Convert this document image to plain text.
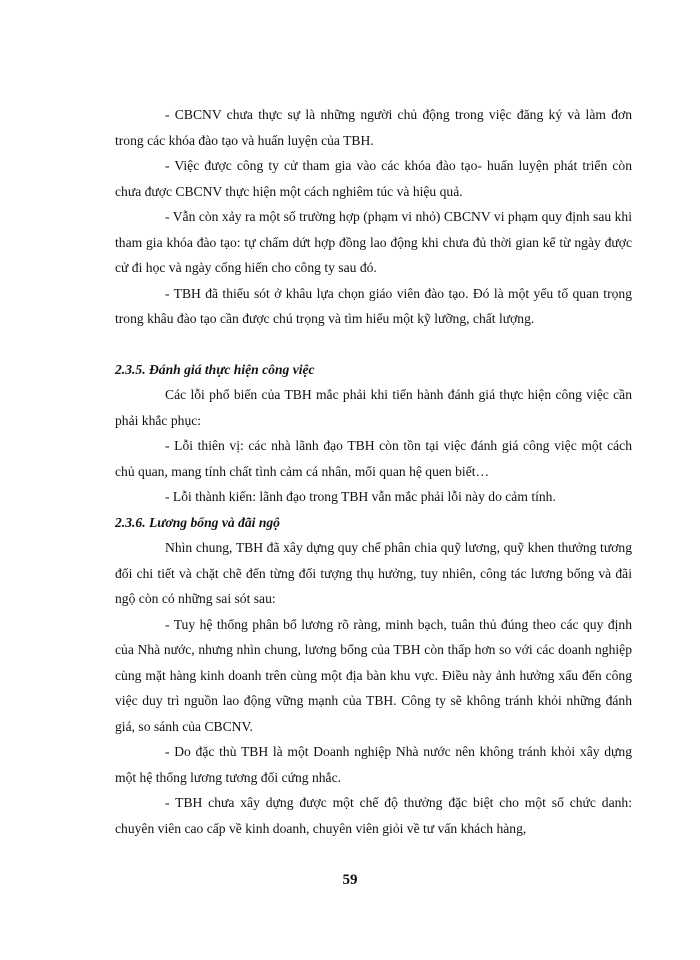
- CBCNV chưa thực sự là những người chủ động trong việc đăng ký và làm đơn trong các khóa đào tạo và huấn luyện của TBH.

- Việc được công ty cử tham gia vào các khóa đào tạo- huấn luyện phát triển còn chưa được CBCNV thực hiện một cách nghiêm túc và hiệu quả.

- Vẫn còn xảy ra một số trường hợp (phạm vi nhỏ) CBCNV vi phạm quy định sau khi tham gia khóa đào tạo: tự chấm dứt hợp đồng lao động khi chưa đủ thời gian kể từ ngày được cử đi học và ngày cống hiến cho công ty sau đó.

- TBH đã thiếu sót ở khâu lựa chọn giáo viên đào tạo. Đó là một yếu tố quan trọng trong khâu đào tạo cần được chú trọng và tìm hiểu một kỹ lưỡng, chất lượng.

2.3.5. Đánh giá thực hiện công việc

Các lỗi phổ biến của TBH mắc phải khi tiến hành đánh giá thực hiện công việc cần phải khắc phục:

- Lỗi thiên vị: các nhà lãnh đạo TBH còn tồn tại việc đánh giá công việc một cách chủ quan, mang tính chất tình cảm cá nhân, mối quan hệ quen biết…

- Lỗi thành kiến: lãnh đạo trong TBH vẫn mắc phải lỗi này do cảm tính.

2.3.6. Lương bổng và đãi ngộ

Nhìn chung, TBH đã xây dựng quy chế phân chia quỹ lương, quỹ khen thưởng tương đối chi tiết và chặt chẽ đến từng đối tượng thụ hưởng, tuy nhiên, công tác lương bổng và đãi ngộ còn có những sai sót sau:

- Tuy hệ thống phân bổ lương rõ ràng, minh bạch, tuân thủ đúng theo các quy định của Nhà nước, nhưng nhìn chung, lương bổng của TBH còn thấp hơn so với các doanh nghiệp cùng mặt hàng kinh doanh trên cùng một địa bàn khu vực. Điều này ảnh hưởng xấu đến công việc duy trì nguồn lao động vững mạnh của TBH. Công ty sẽ không tránh khỏi những đánh giá, so sánh của CBCNV.

- Do đặc thù TBH là một Doanh nghiệp Nhà nước nên không tránh khỏi xây dựng một hệ thống lương tương đối cứng nhắc.

- TBH chưa xây dựng được một chế độ thưởng đặc biệt cho một số chức danh: chuyên viên cao cấp về kinh doanh, chuyên viên giỏi về tư vấn khách hàng,

59
